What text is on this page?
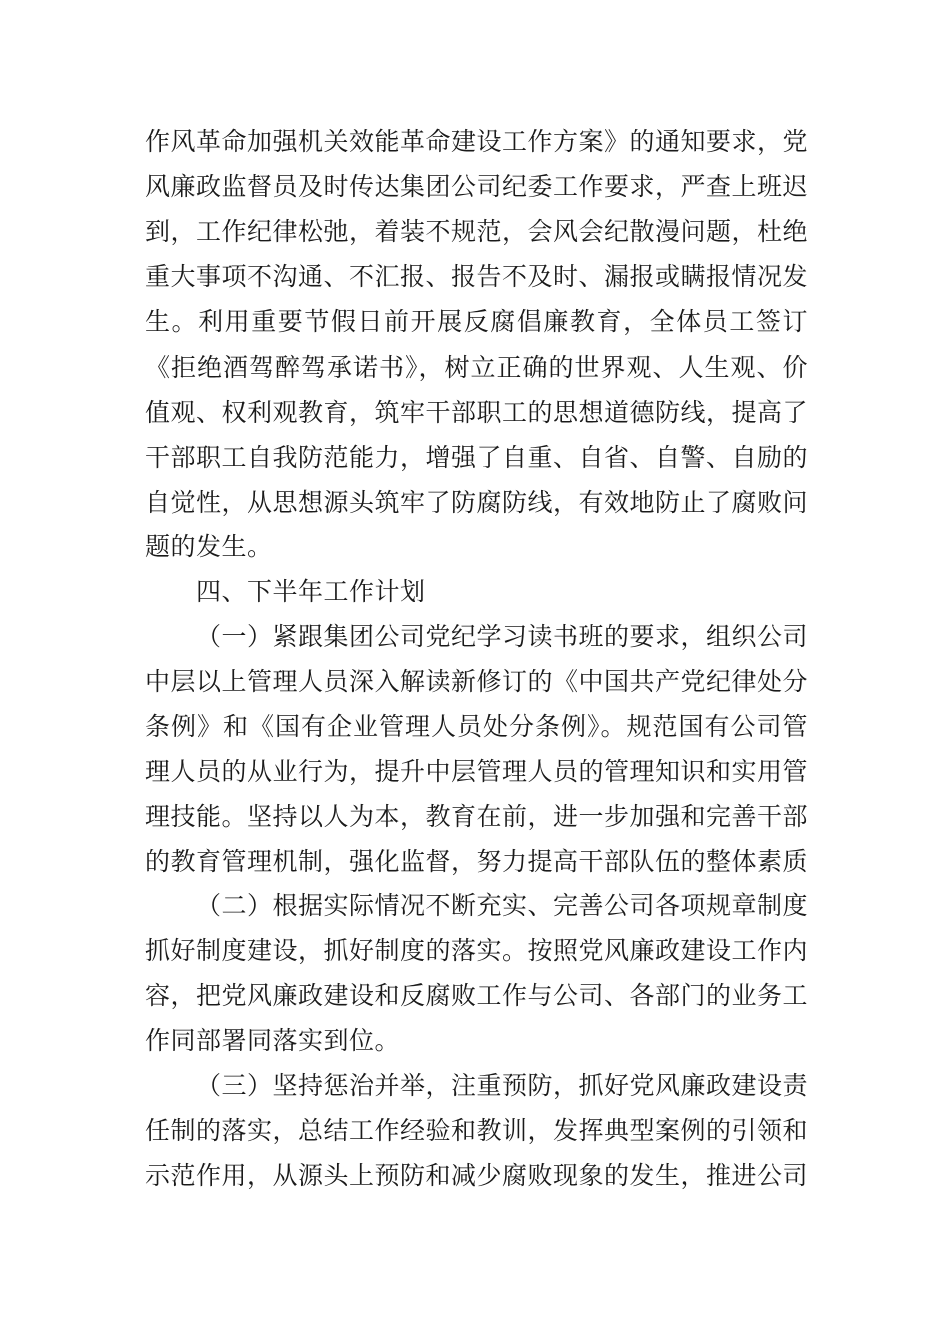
作风革命加强机关效能革命建设工作方案》的通知要求，党
风廉政监督员及时传达集团公司纪委工作要求，严查上班迟
到，工作纪律松弛，着装不规范，会风会纪散漫问题，杜绝
重大事项不沟通、不汇报、报告不及时、漏报或瞒报情况发
生。利用重要节假日前开展反腐倡廉教育，全体员工签订
《拒绝酒驾醉驾承诺书》，树立正确的世界观、人生观、价
值观、权利观教育，筑牢干部职工的思想道德防线，提高了
干部职工自我防范能力，增强了自重、自省、自警、自励的
自觉性，从思想源头筑牢了防腐防线，有效地防止了腐败问
题的发生。
四、下半年工作计划
（一）紧跟集团公司党纪学习读书班的要求，组织公司
中层以上管理人员深入解读新修订的《中国共产党纪律处分
条例》和《国有企业管理人员处分条例》。规范国有公司管
理人员的从业行为，提升中层管理人员的管理知识和实用管
理技能。坚持以人为本，教育在前，进一步加强和完善干部
的教育管理机制，强化监督，努力提高干部队伍的整体素质
（二）根据实际情况不断充实、完善公司各项规章制度
抓好制度建设，抓好制度的落实。按照党风廉政建设工作内
容，把党风廉政建设和反腐败工作与公司、各部门的业务工
作同部署同落实到位。
（三）坚持惩治并举，注重预防，抓好党风廉政建设责
任制的落实，总结工作经验和教训，发挥典型案例的引领和
示范作用，从源头上预防和减少腐败现象的发生，推进公司
